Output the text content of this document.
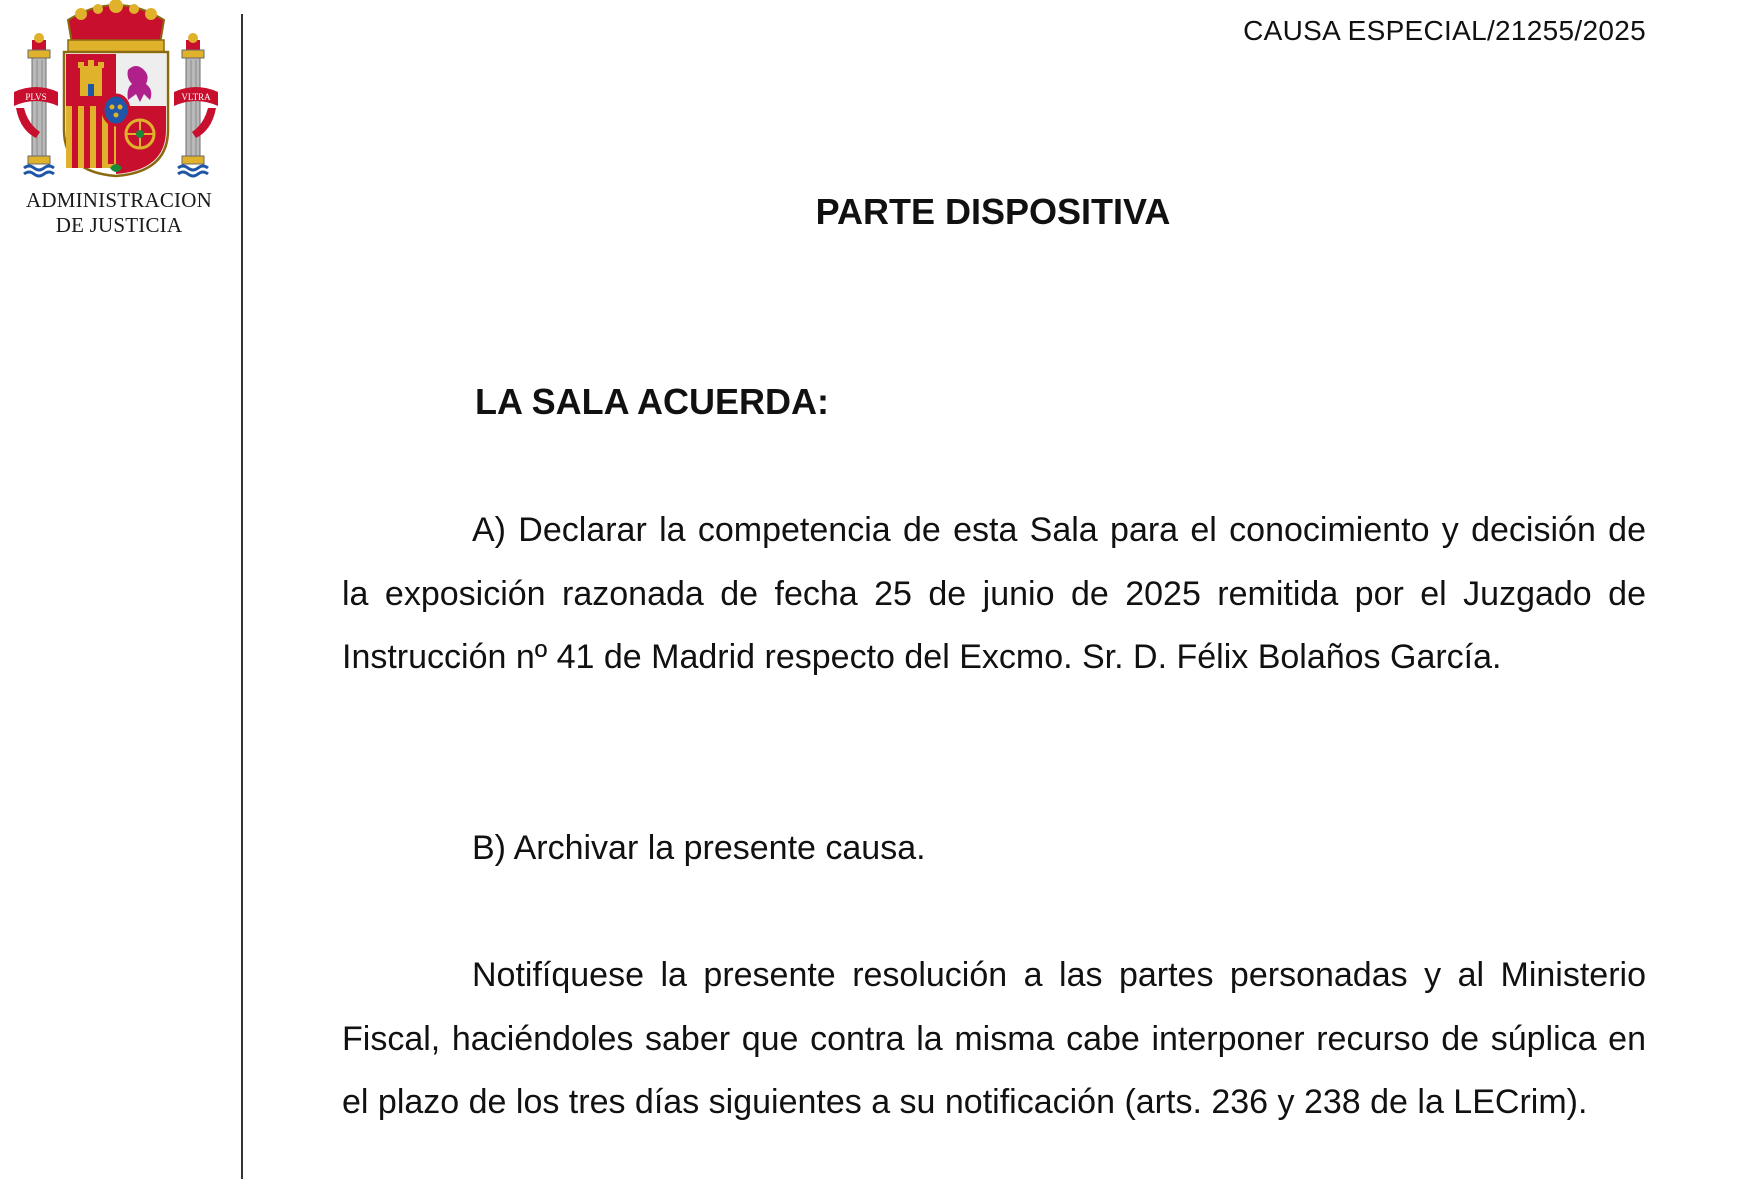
PLVS	VLTRA
ADMINISTRACION
DE JUSTICIA
CAUSA ESPECIAL/21255/2025
PARTE DISPOSITIVA
LA SALA ACUERDA:
A) Declarar la competencia de esta Sala para el conocimiento y decisión de la exposición razonada de fecha 25 de junio de 2025 remitida por el Juzgado de Instrucción nº 41 de Madrid respecto del Excmo. Sr. D. Félix Bolaños García.
B) Archivar la presente causa.
Notifíquese la presente resolución a las partes personadas y al Ministerio Fiscal, haciéndoles saber que contra la misma cabe interponer recurso de súplica en el plazo de los tres días siguientes a su notificación (arts. 236 y 238 de la LECrim).
